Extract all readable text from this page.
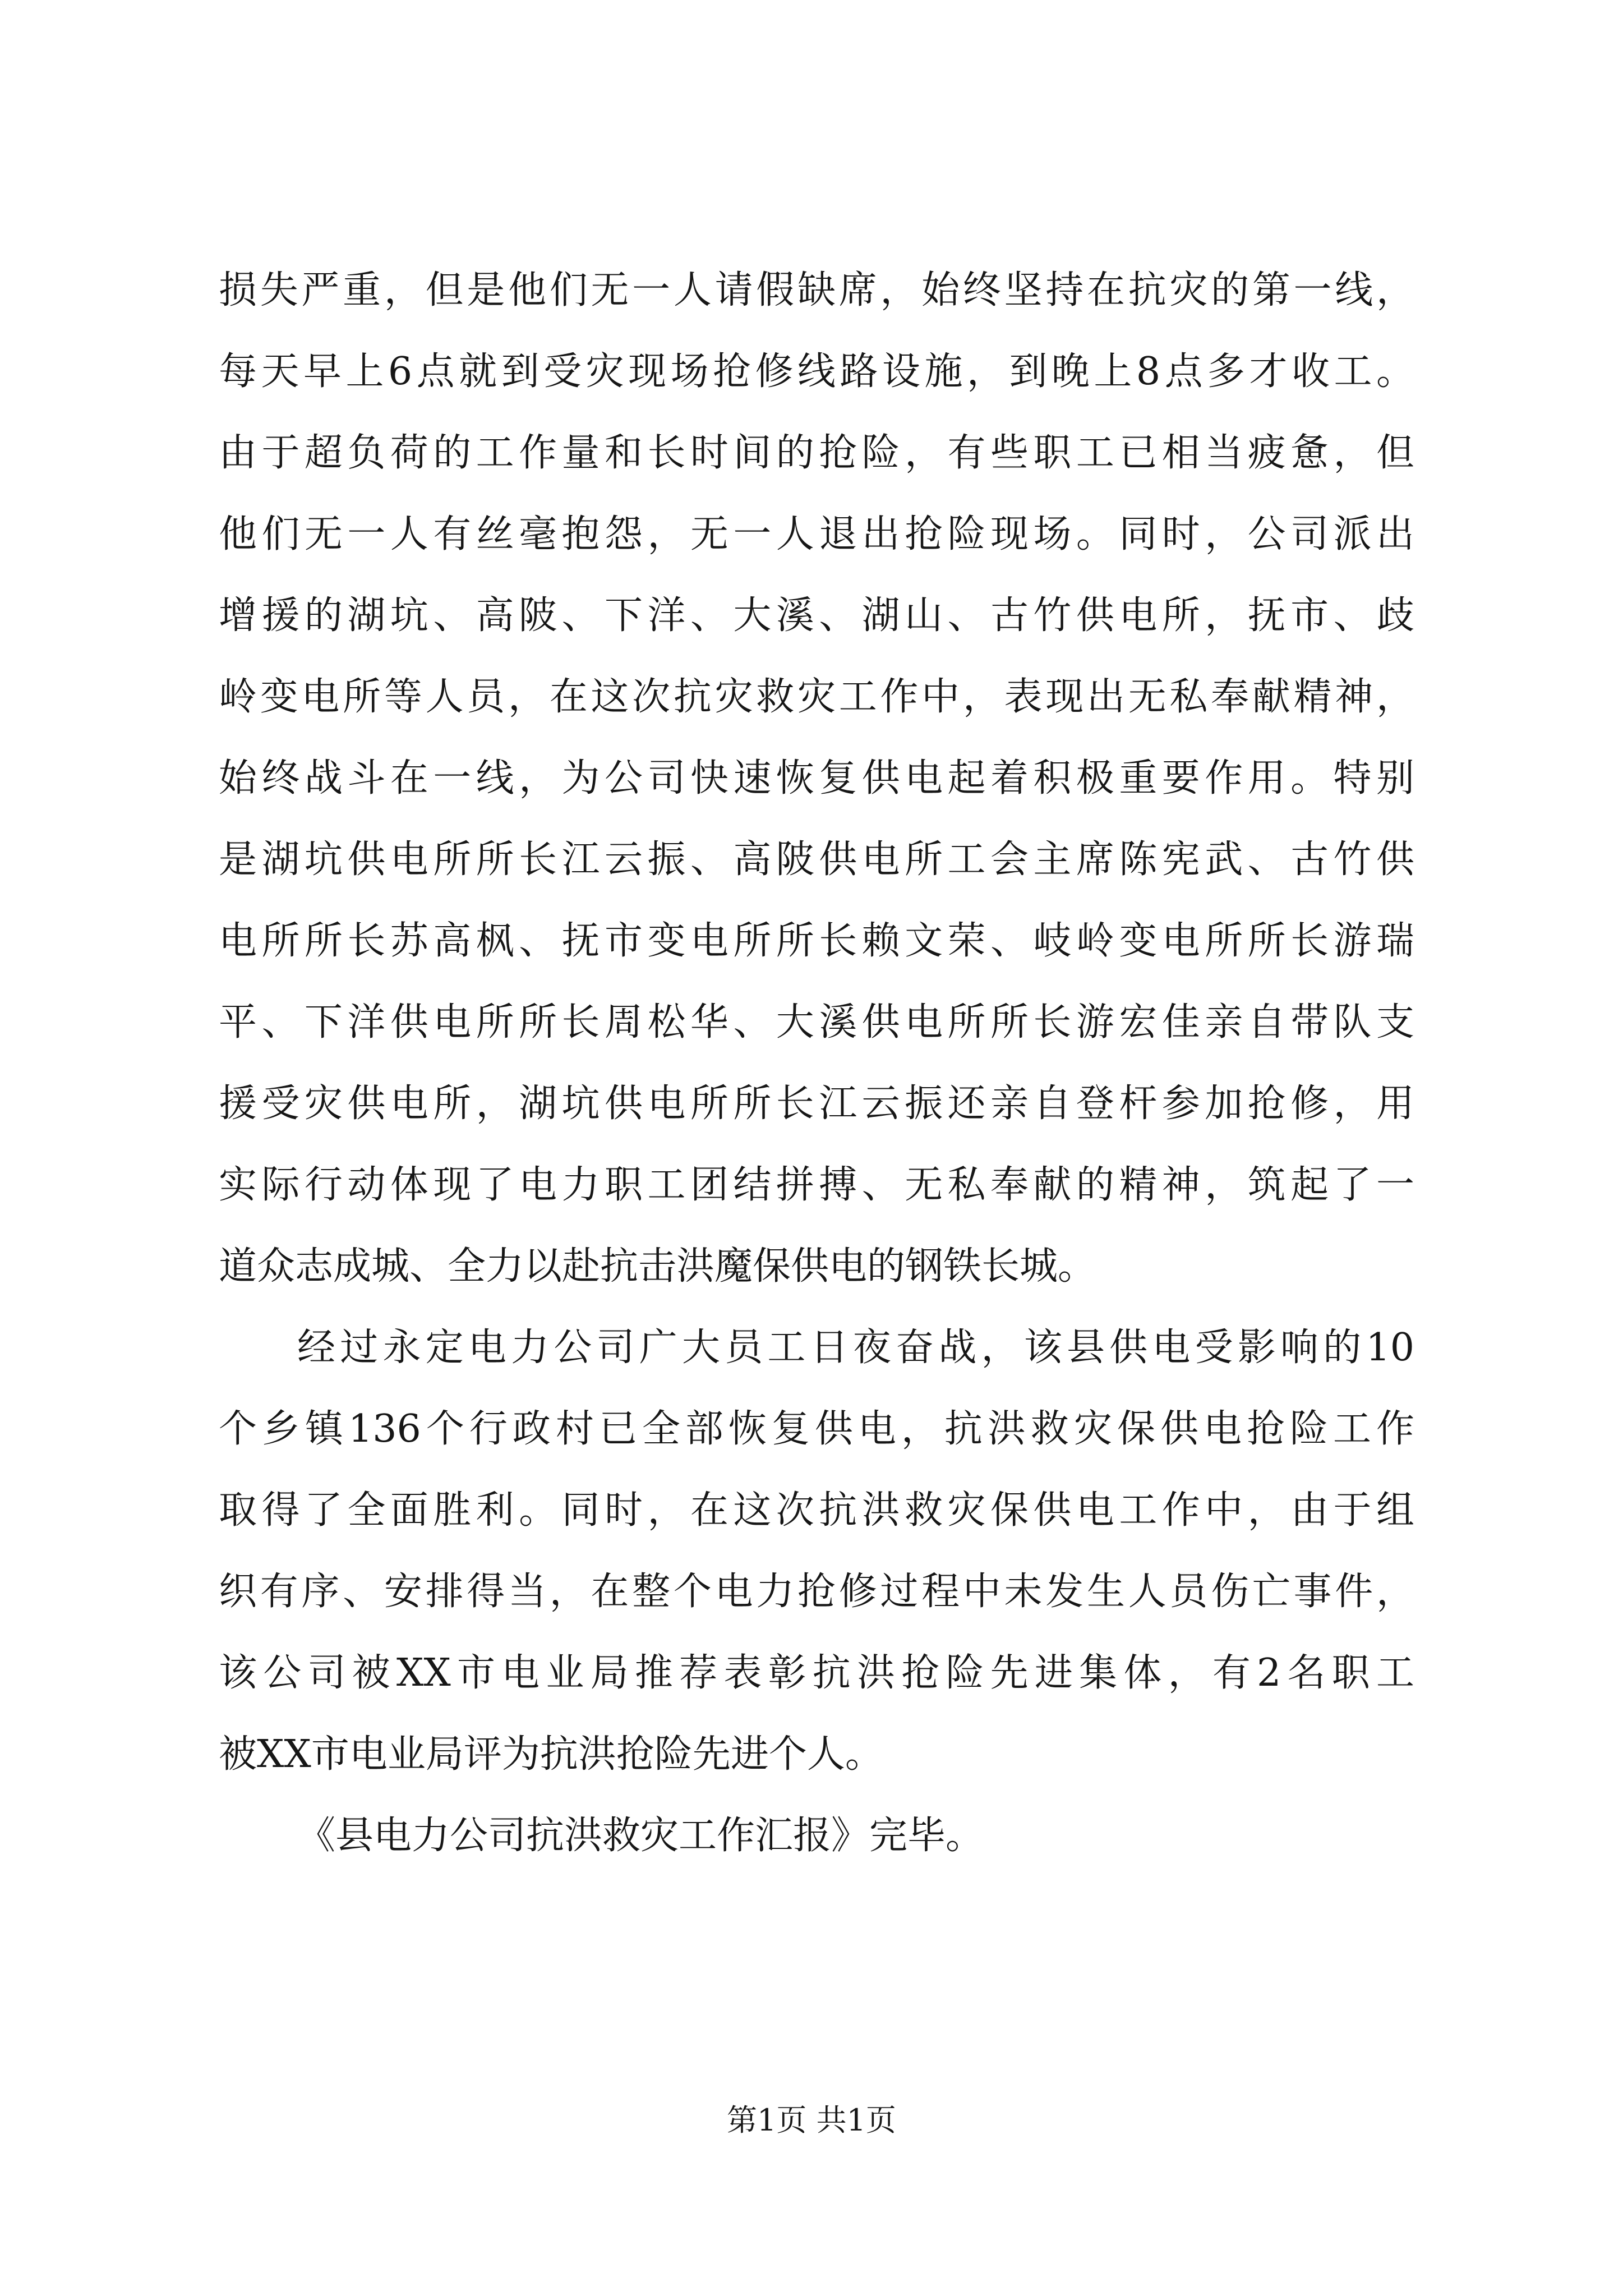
损失严重，但是他们无一人请假缺席，始终坚持在抗灾的第一线，
每天早上6点就到受灾现场抢修线路设施，到晚上8点多才收工。
由于超负荷的工作量和长时间的抢险，有些职工已相当疲惫，但
他们无一人有丝毫抱怨，无一人退出抢险现场。同时，公司派出
增援的湖坑、高陂、下洋、大溪、湖山、古竹供电所，抚市、歧
岭变电所等人员，在这次抗灾救灾工作中，表现出无私奉献精神，
始终战斗在一线，为公司快速恢复供电起着积极重要作用。特别
是湖坑供电所所长江云振、高陂供电所工会主席陈宪武、古竹供
电所所长苏高枫、抚市变电所所长赖文荣、岐岭变电所所长游瑞
平、下洋供电所所长周松华、大溪供电所所长游宏佳亲自带队支
援受灾供电所，湖坑供电所所长江云振还亲自登杆参加抢修，用
实际行动体现了电力职工团结拼搏、无私奉献的精神，筑起了一
道众志成城、全力以赴抗击洪魔保供电的钢铁长城。
经过永定电力公司广大员工日夜奋战，该县供电受影响的10
个乡镇136个行政村已全部恢复供电，抗洪救灾保供电抢险工作
取得了全面胜利。同时，在这次抗洪救灾保供电工作中，由于组
织有序、安排得当，在整个电力抢修过程中未发生人员伤亡事件，
该公司被XX市电业局推荐表彰抗洪抢险先进集体，有2名职工
被XX市电业局评为抗洪抢险先进个人。
《县电力公司抗洪救灾工作汇报》完毕。
第1页 共1页
